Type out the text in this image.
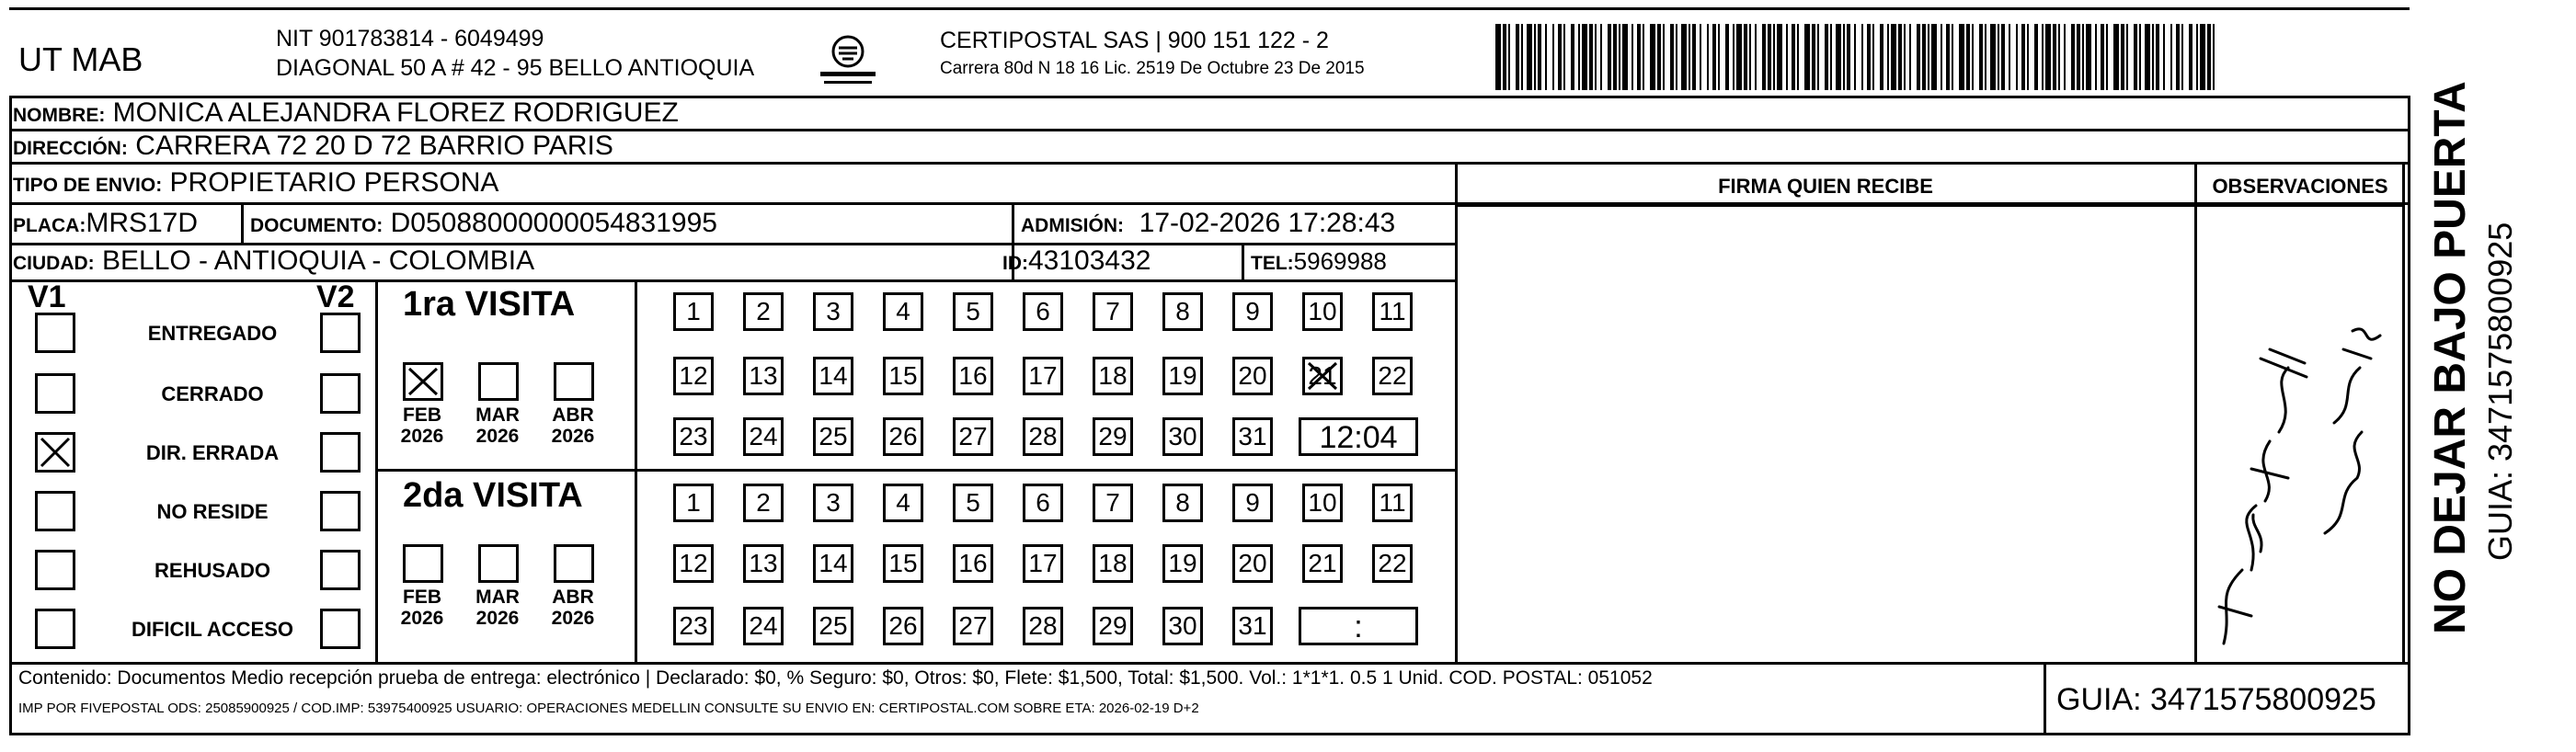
UT MAB
NIT 901783814 - 6049499
DIAGONAL 50 A # 42 - 95 BELLO ANTIOQUIA
CERTIPOSTAL SAS | 900 151 122 - 2
Carrera 80d N 18 16 Lic. 2519 De Octubre 23 De 2015
NOMBRE: MONICA ALEJANDRA FLOREZ RODRIGUEZ
DIRECCIÓN: CARRERA 72 20 D 72 BARRIO PARIS
TIPO DE ENVIO: PROPIETARIO PERSONA	FIRMA QUIEN RECIBE	OBSERVACIONES
PLACA:MRS17D	DOCUMENTO: D05088000000054831995	ADMISIÓN: 17-02-2026 17:28:43
CIUDAD: BELLO - ANTIOQUIA - COLOMBIA	ID:43103432	TEL:5969988
V1	V2 1ra VISITA
2da VISITA	NO DEJAR BAJO PUERTA GUIA: 3471575800925
Contenido: Documentos Medio recepción prueba de entrega: electrónico | Declarado: $0, % Seguro: $0, Otros: $0, Flete: $1,500, Total: $1,500. Vol.: 1*1*1. 0.5 1 Unid. COD. POSTAL: 051052
IMP POR FIVEPOSTAL ODS: 25085900925 / COD.IMP: 53975400925 USUARIO: OPERACIONES MEDELLIN CONSULTE SU ENVIO EN: CERTIPOSTAL.COM SOBRE ETA: 2026-02-19 D+2	GUIA: 3471575800925
ENTREGADO
CERRADO
DIR. ERRADA
NO RESIDE
REHUSADO
DIFICIL ACCESO
FEB
2026
MAR
2026
ABR
2026
FEB
2026
MAR
2026
ABR
2026
1	2	3	4	5	6	7	8	9	10 11
12 13 14 15 16 17 18 19 20 21 22
23 24 25 26 27 28 29 30 31	12:04
1	2	3	4	5	6	7	8	9	10 11
12 13 14 15 16 17 18 19 20 21 22
23 24 25 26 27 28 29 30 31	:
